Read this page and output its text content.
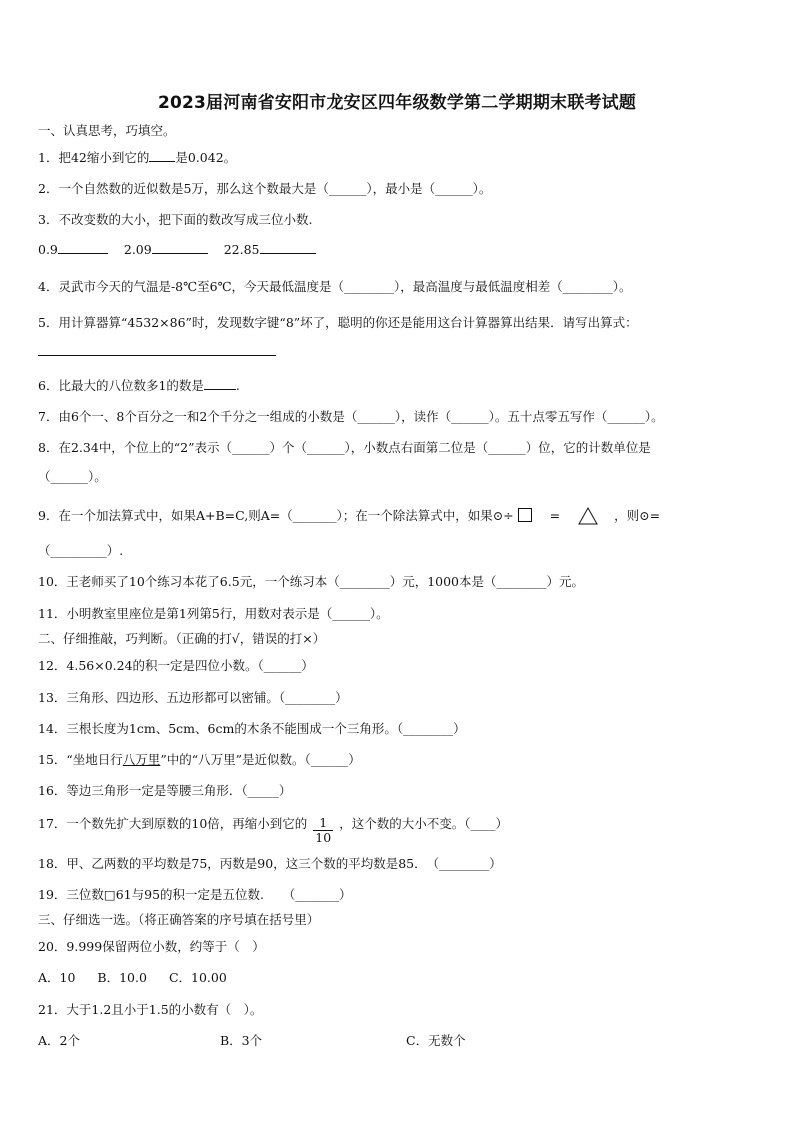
2023届河南省安阳市龙安区四年级数学第二学期期末联考试题
一、认真思考，巧填空。
1．把42缩小到它的 是0.042。
2．一个自然数的近似数是5万，那么这个数最大是（______），最小是（______）。
3．不改变数的大小，把下面的数改写成三位小数.
0.9	2.09	22.85
4．灵武市今天的气温是-8℃至6℃，今天最低温度是（________），最高温度与最低温度相差（________）。
5．用计算器算“4532×86”时，发现数字键“8”坏了，聪明的你还是能用这台计算器算出结果．请写出算式：
6．比最大的八位数多1的数是	.
7．由6个一、8个百分之一和2个千分之一组成的小数是（______），读作（______）。五十点零五写作（______）。
8．在2.34中，个位上的“2”表示（______）个（______），小数点右面第二位是（______）位，它的计数单位是
（______）。
9．在一个加法算式中，如果A+B=C,则A=（_______）；在一个除法算式中，如果⊙÷	=	，则⊙=
（_________）.
10．王老师买了10个练习本花了6.5元，一个练习本（________）元，1000本是（________）元。
11．小明教室里座位是第1列第5行，用数对表示是（______）。
二、仔细推敲，巧判断。（正确的打√，错误的打×）
12．4.56×0.24的积一定是四位小数。（______）
13．三角形、四边形、五边形都可以密铺。（________）
14．三根长度为1cm、5cm、6cm的木条不能围成一个三角形。（________）
15．“坐地日行八万里”中的“八万里”是近似数。（______）
16．等边三角形一定是等腰三角形．（_____）
17．一个数先扩大到原数的10倍，再缩小到它的 $\frac{1}{10}$ ，这个数的大小不变。（____）
18．甲、乙两数的平均数是75，丙数是90，这三个数的平均数是85．　（________）
19．三位数□61与95的积一定是五位数.　　（_______）
三、仔细选一选。（将正确答案的序号填在括号里）
20．9.999保留两位小数，约等于（　）
A．10 B．10.0 C．10.00
21．大于1.2且小于1.5的小数有（　）。
A．2个	B．3个	C．无数个
